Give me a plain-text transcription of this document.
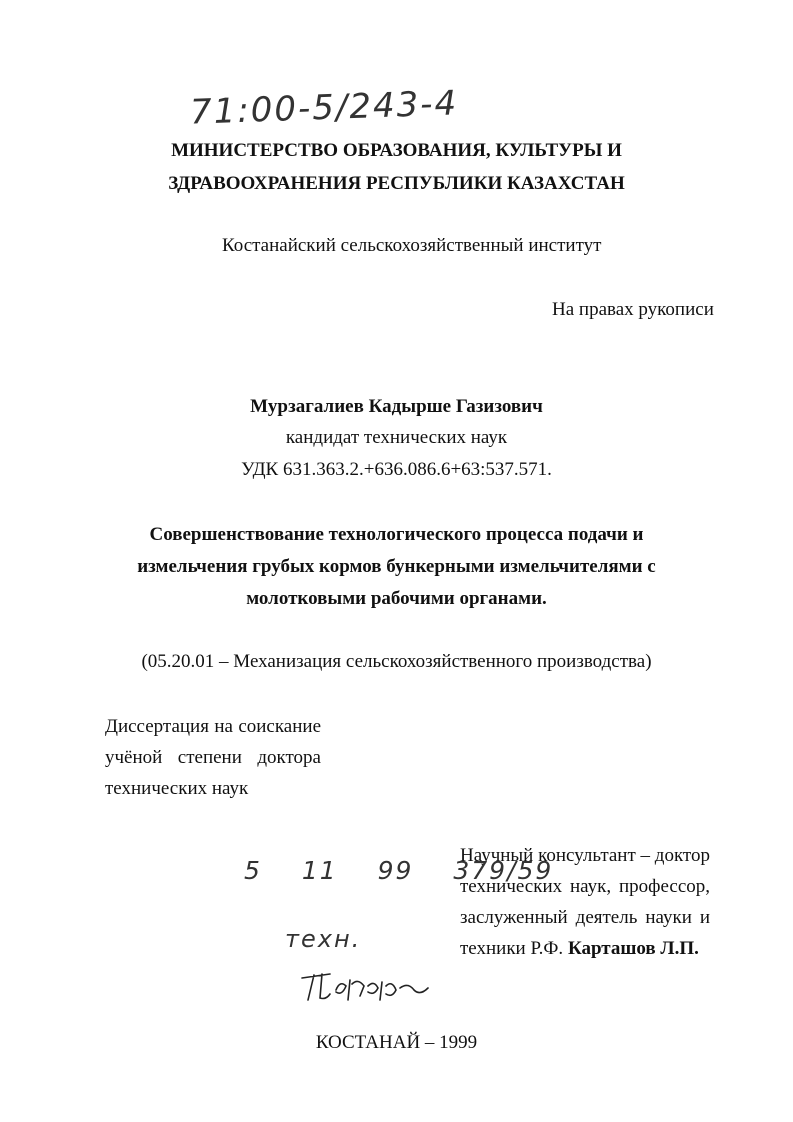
71:00-5/243-4
МИНИСТЕРСТВО ОБРАЗОВАНИЯ, КУЛЬТУРЫ И
ЗДРАВООХРАНЕНИЯ РЕСПУБЛИКИ КАЗАХСТАН
Костанайский сельскохозяйственный институт
На правах рукописи
Мурзагалиев Кадырше Газизович
кандидат технических наук
УДК 631.363.2.+636.086.6+63:537.571.
Совершенствование технологического процесса подачи и
измельчения грубых кормов бункерными измельчителями с
молотковыми рабочими органами.
(05.20.01 – Механизация сельскохозяйственного производства)
Диссертация на соискание
учёной степени доктора
технических наук
Научный консультант – доктор
технических наук, профессор,
заслуженный деятель науки и
техники Р.Ф. Карташов Л.П.
5 11 99 379/59
техн.
КОСТАНАЙ – 1999
